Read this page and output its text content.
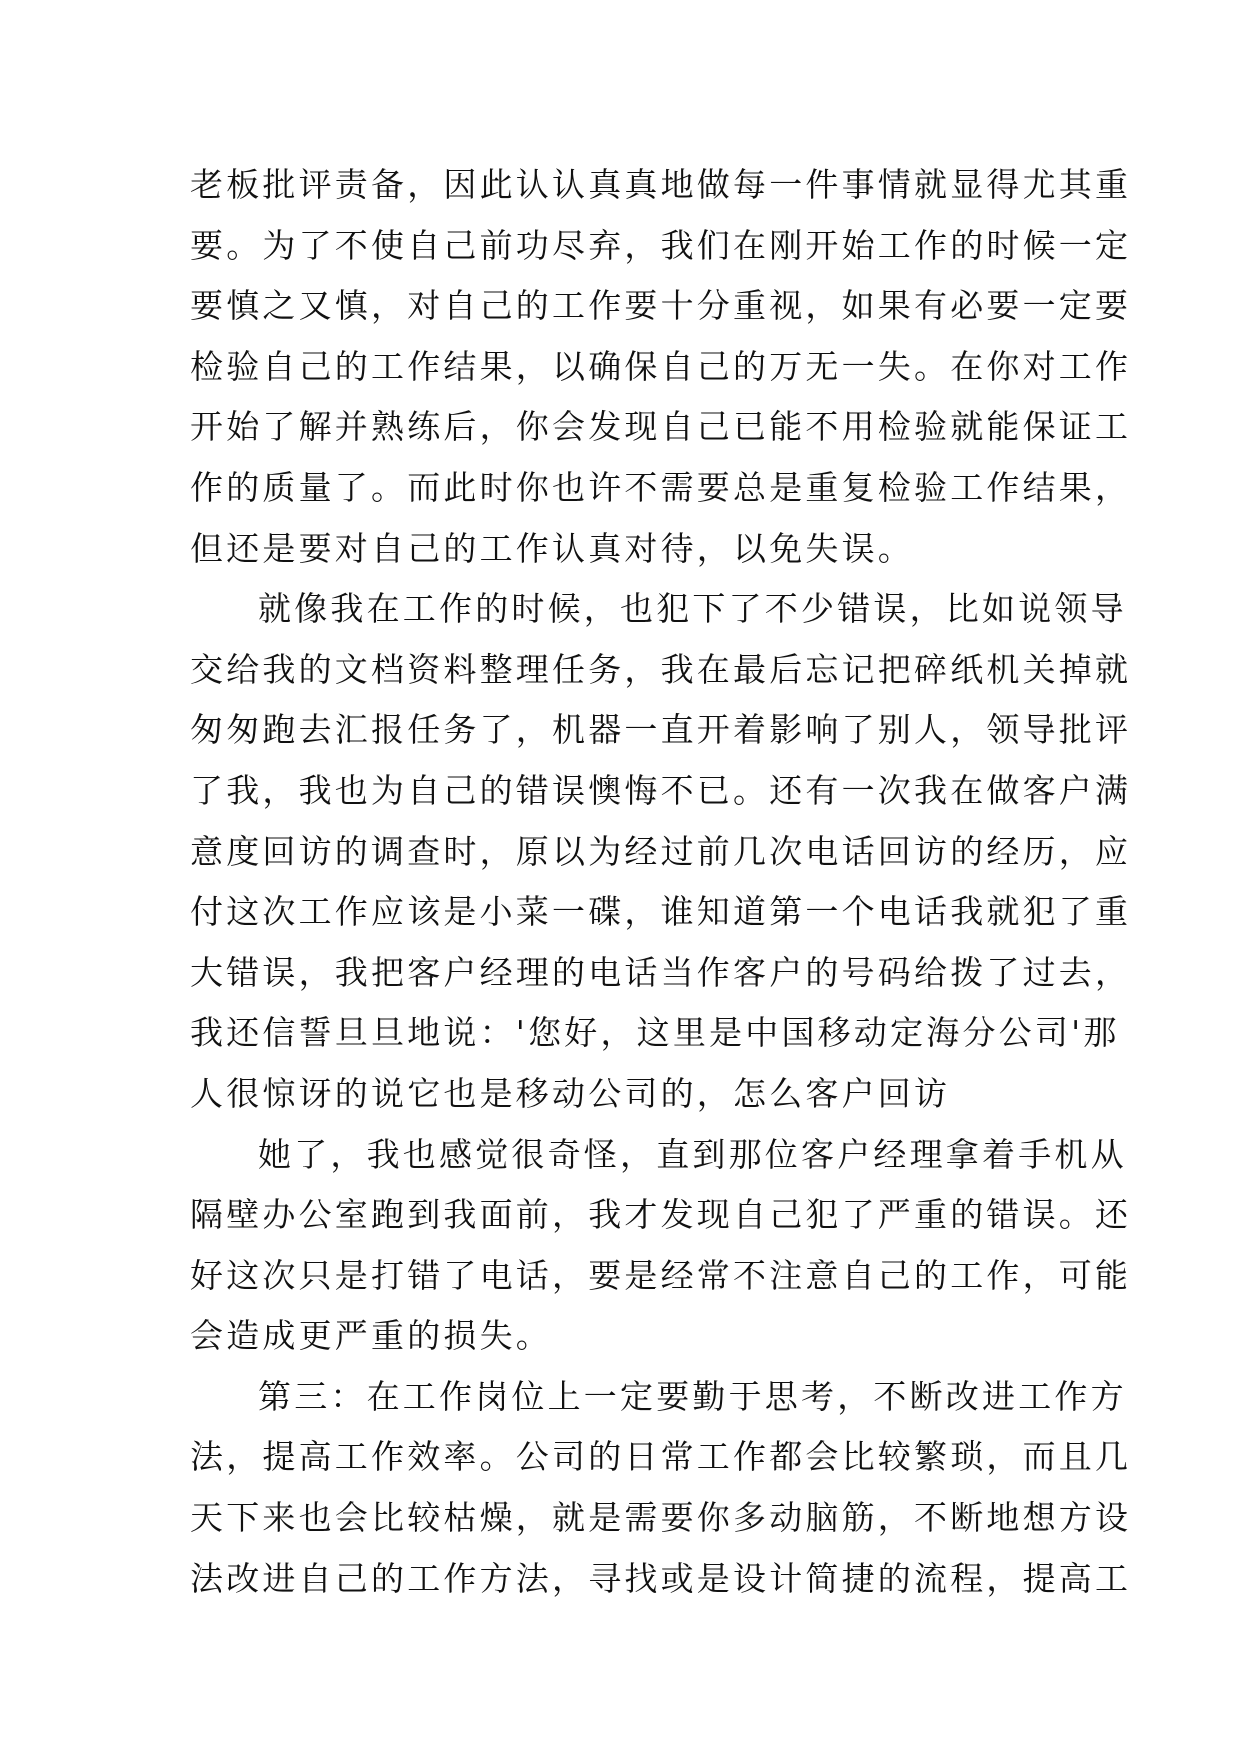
老板批评责备，因此认认真真地做每一件事情就显得尤其重
要。为了不使自己前功尽弃，我们在刚开始工作的时候一定
要慎之又慎，对自己的工作要十分重视，如果有必要一定要
检验自己的工作结果，以确保自己的万无一失。在你对工作
开始了解并熟练后，你会发现自己已能不用检验就能保证工
作的质量了。而此时你也许不需要总是重复检验工作结果，
但还是要对自己的工作认真对待，以免失误。
就像我在工作的时候，也犯下了不少错误，比如说领导
交给我的文档资料整理任务，我在最后忘记把碎纸机关掉就
匆匆跑去汇报任务了，机器一直开着影响了别人，领导批评
了我，我也为自己的错误懊悔不已。还有一次我在做客户满
意度回访的调查时，原以为经过前几次电话回访的经历，应
付这次工作应该是小菜一碟，谁知道第一个电话我就犯了重
大错误，我把客户经理的电话当作客户的号码给拨了过去，
我还信誓旦旦地说：'您好，这里是中国移动定海分公司'那
人很惊讶的说它也是移动公司的，怎么客户回访
她了，我也感觉很奇怪，直到那位客户经理拿着手机从
隔壁办公室跑到我面前，我才发现自己犯了严重的错误。还
好这次只是打错了电话，要是经常不注意自己的工作，可能
会造成更严重的损失。
第三：在工作岗位上一定要勤于思考，不断改进工作方
法，提高工作效率。公司的日常工作都会比较繁琐，而且几
天下来也会比较枯燥，就是需要你多动脑筋，不断地想方设
法改进自己的工作方法，寻找或是设计简捷的流程，提高工
